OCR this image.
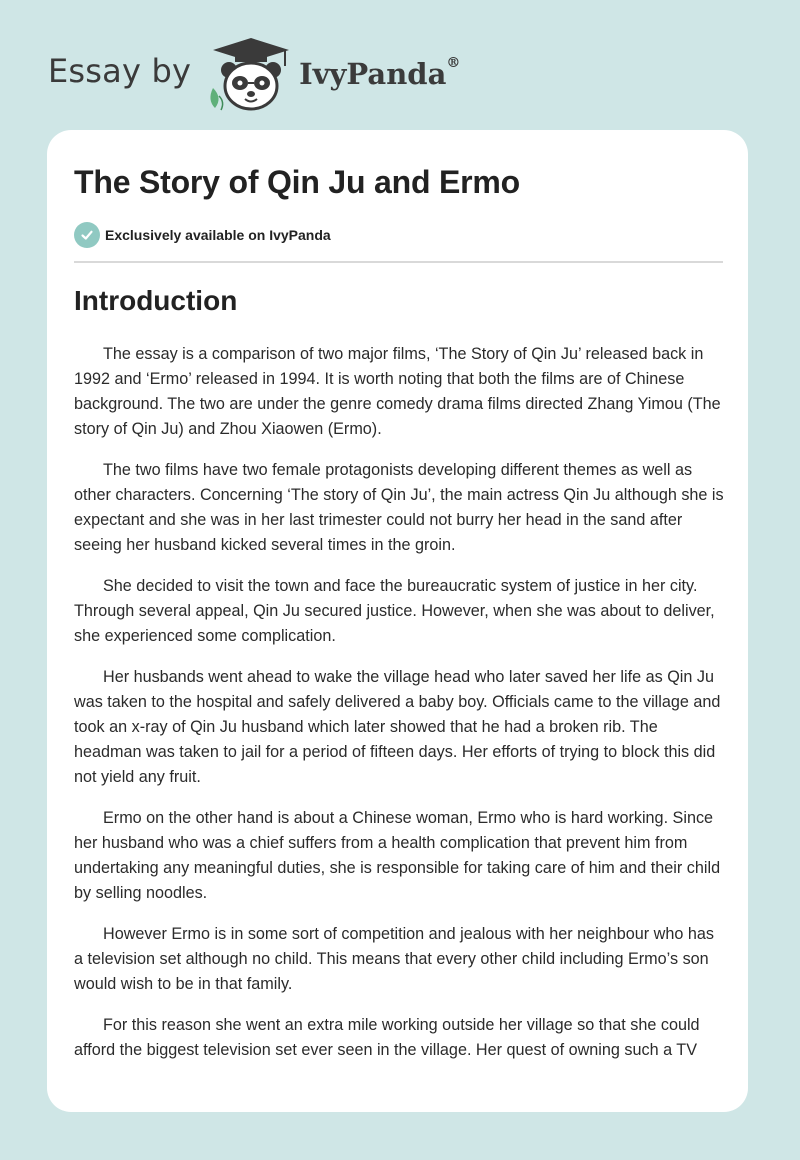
Essay by	IvyPanda®
The Story of Qin Ju and Ermo
Exclusively available on IvyPanda
Introduction

The essay is a comparison of two major films, ‘The Story of Qin Ju’ released back in 1992 and ‘Ermo’ released in 1994. It is worth noting that both the films are of Chinese background. The two are under the genre comedy drama films directed Zhang Yimou (The story of Qin Ju) and Zhou Xiaowen (Ermo).

The two films have two female protagonists developing different themes as well as other characters. Concerning ‘The story of Qin Ju’, the main actress Qin Ju although she is expectant and she was in her last trimester could not burry her head in the sand after seeing her husband kicked several times in the groin.

She decided to visit the town and face the bureaucratic system of justice in her city. Through several appeal, Qin Ju secured justice. However, when she was about to deliver, she experienced some complication.

Her husbands went ahead to wake the village head who later saved her life as Qin Ju was taken to the hospital and safely delivered a baby boy. Officials came to the village and took an x-ray of Qin Ju husband which later showed that he had a broken rib. The headman was taken to jail for a period of fifteen days. Her efforts of trying to block this did not yield any fruit.

Ermo on the other hand is about a Chinese woman, Ermo who is hard working. Since her husband who was a chief suffers from a health complication that prevent him from undertaking any meaningful duties, she is responsible for taking care of him and their child by selling noodles.

However Ermo is in some sort of competition and jealous with her neighbour who has a television set although no child. This means that every other child including Ermo’s son would wish to be in that family.

For this reason she went an extra mile working outside her village so that she could afford the biggest television set ever seen in the village. Her quest of owning such a TV
